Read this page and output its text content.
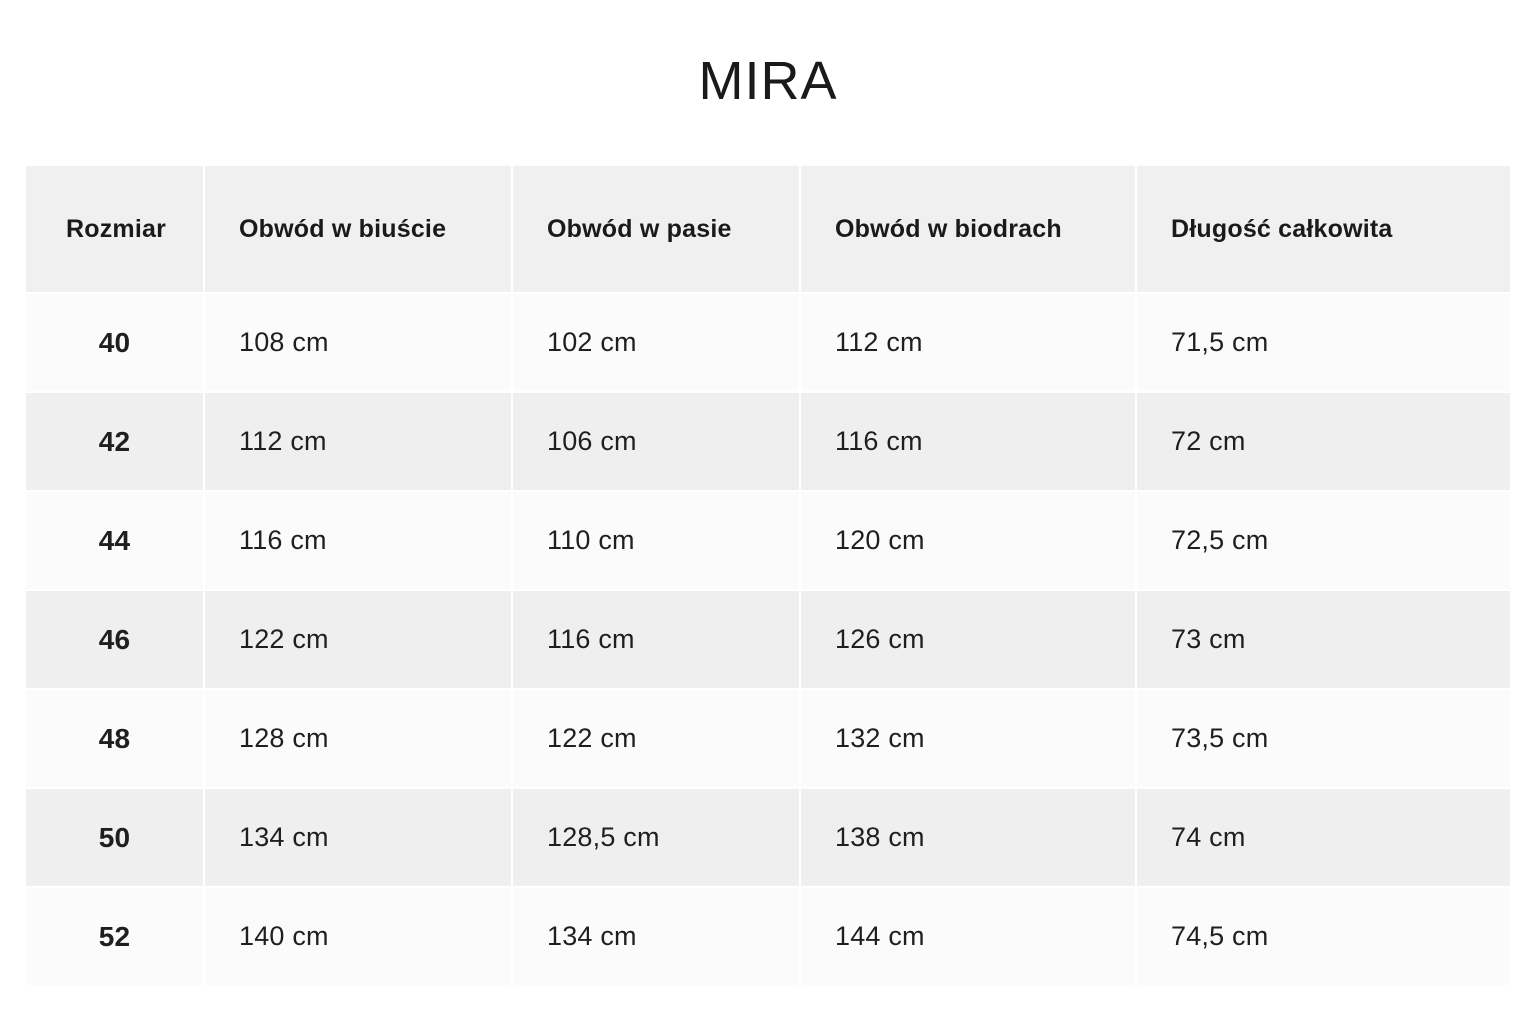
MIRA
Rozmiar	Obwód w biuście	Obwód w pasie	Obwód w biodrach	Długość całkowita
40	108 cm	102 cm	112 cm	71,5 cm
42	112 cm	106 cm	116 cm	72 cm
44	116 cm	110 cm	120 cm	72,5 cm
46	122 cm	116 cm	126 cm	73 cm
48	128 cm	122 cm	132 cm	73,5 cm
50	134 cm	128,5 cm	138 cm	74 cm
52	140 cm	134 cm	144 cm	74,5 cm
